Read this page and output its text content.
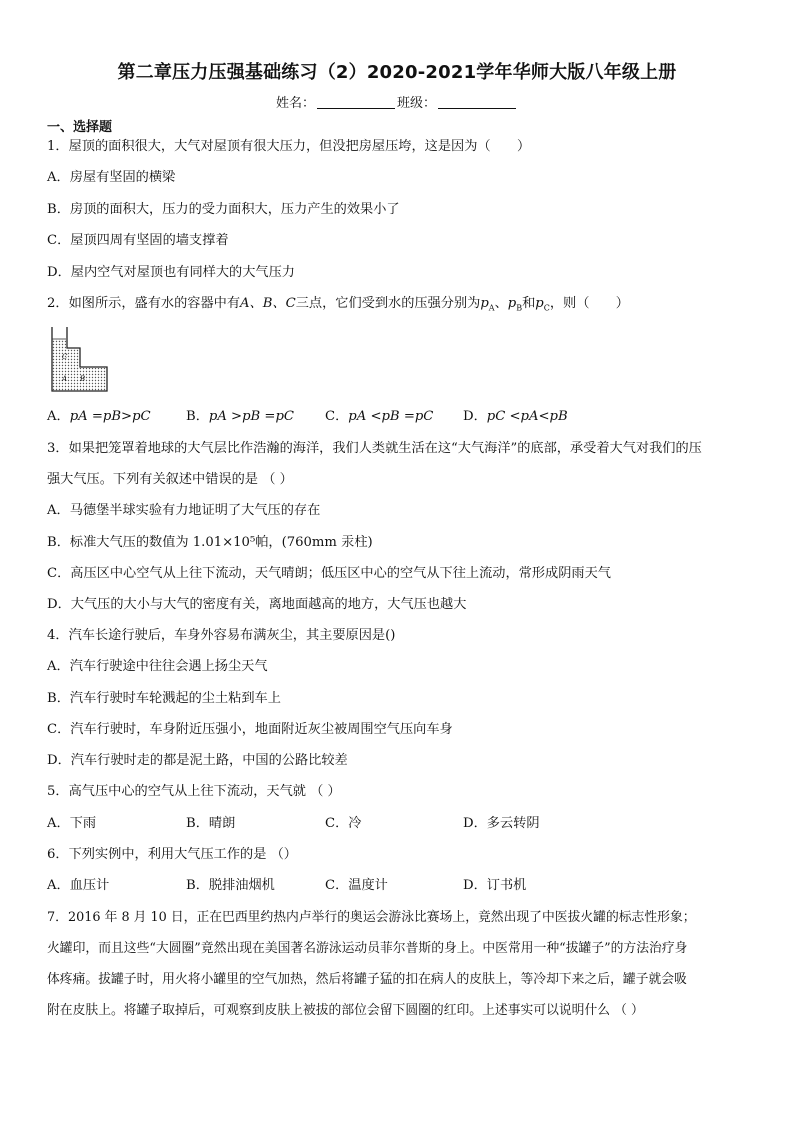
第二章压力压强基础练习（2）2020-2021学年华师大版八年级上册
姓名：	班级：
一、选择题
1．屋顶的面积很大，大气对屋顶有很大压力，但没把房屋压垮，这是因为（　　）
A．房屋有坚固的横梁
B．房顶的面积大，压力的受力面积大，压力产生的效果小了
C．屋顶四周有坚固的墙支撑着
D．屋内空气对屋顶也有同样大的大气压力
2．如图所示，盛有水的容器中有A、B、C三点，它们受到水的压强分别为$p_A$、$p_B$和$p_C$，则（　　）
C
A B
A．pA =pB>pC	B．pA >pB =pC C．pA <pB =pC D．pC <pA<pB
3．如果把笼罩着地球的大气层比作浩瀚的海洋，我们人类就生活在这“大气海洋”的底部，承受着大气对我们的压
强大气压。下列有关叙述中错误的是 （ ）
A．马德堡半球实验有力地证明了大气压的存在
B．标准大气压的数值为 1.01×10⁵帕，(760mm 汞柱)
C．高压区中心空气从上往下流动，天气晴朗；低压区中心的空气从下往上流动，常形成阴雨天气
D．大气压的大小与大气的密度有关，离地面越高的地方，大气压也越大
4．汽车长途行驶后，车身外容易布满灰尘，其主要原因是()
A．汽车行驶途中往往会遇上扬尘天气
B．汽车行驶时车轮溅起的尘土粘到车上
C．汽车行驶时，车身附近压强小，地面附近灰尘被周围空气压向车身
D．汽车行驶时走的都是泥土路，中国的公路比较差
5．高气压中心的空气从上往下流动，天气就 （ ）
A．下雨	B．晴朗	C．冷	D．多云转阴
6．下列实例中，利用大气压工作的是 （）
A．血压计	B．脱排油烟机	C．温度计	D．订书机
7．2016 年 8 月 10 日，正在巴西里约热内卢举行的奥运会游泳比赛场上，竟然出现了中医拔火罐的标志性形象；
火罐印，而且这些“大圆圈”竟然出现在美国著名游泳运动员菲尔普斯的身上。中医常用一种“拔罐子”的方法治疗身
体疼痛。拔罐子时，用火将小罐里的空气加热，然后将罐子猛的扣在病人的皮肤上，等冷却下来之后，罐子就会吸
附在皮肤上。将罐子取掉后，可观察到皮肤上被拔的部位会留下圆圈的红印。上述事实可以说明什么 （ ）
